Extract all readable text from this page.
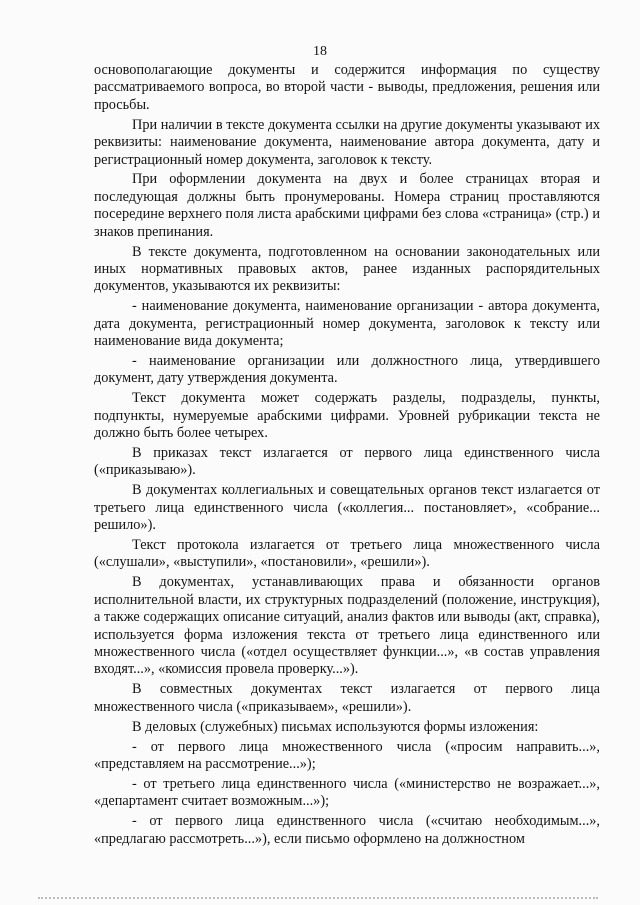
18

основополагающие документы и содержится информация по существу рассматриваемого вопроса, во второй части - выводы, предложения, решения или просьбы.

При наличии в тексте документа ссылки на другие документы указывают их реквизиты: наименование документа, наименование автора документа, дату и регистрационный номер документа, заголовок к тексту.

При оформлении документа на двух и более страницах вторая и последующая должны быть пронумерованы. Номера страниц проставляются посередине верхнего поля листа арабскими цифрами без слова «страница» (стр.) и знаков препинания.

В тексте документа, подготовленном на основании законодательных или иных нормативных правовых актов, ранее изданных распорядительных документов, указываются их реквизиты:

- наименование документа, наименование организации - автора документа, дата документа, регистрационный номер документа, заголовок к тексту или наименование вида документа;

- наименование организации или должностного лица, утвердившего документ, дату утверждения документа.

Текст документа может содержать разделы, подразделы, пункты, подпункты, нумеруемые арабскими цифрами. Уровней рубрикации текста не должно быть более четырех.

В приказах текст излагается от первого лица единственного числа («приказываю»).

В документах коллегиальных и совещательных органов текст излагается от третьего лица единственного числа («коллегия... постановляет», «собрание... решило»).

Текст протокола излагается от третьего лица множественного числа («слушали», «выступили», «постановили», «решили»).

В документах, устанавливающих права и обязанности органов исполнительной власти, их структурных подразделений (положение, инструкция), а также содержащих описание ситуаций, анализ фактов или выводы (акт, справка), используется форма изложения текста от третьего лица единственного или множественного числа («отдел осуществляет функции...», «в состав управления входят...», «комиссия провела проверку...»).

В совместных документах текст излагается от первого лица множественного числа («приказываем», «решили»).

В деловых (служебных) письмах используются формы изложения:

- от первого лица множественного числа («просим направить...», «представляем на рассмотрение...»);

- от третьего лица единственного числа («министерство не возражает...», «департамент считает возможным...»);

- от первого лица единственного числа («считаю необходимым...», «предлагаю рассмотреть...»), если письмо оформлено на должностном
